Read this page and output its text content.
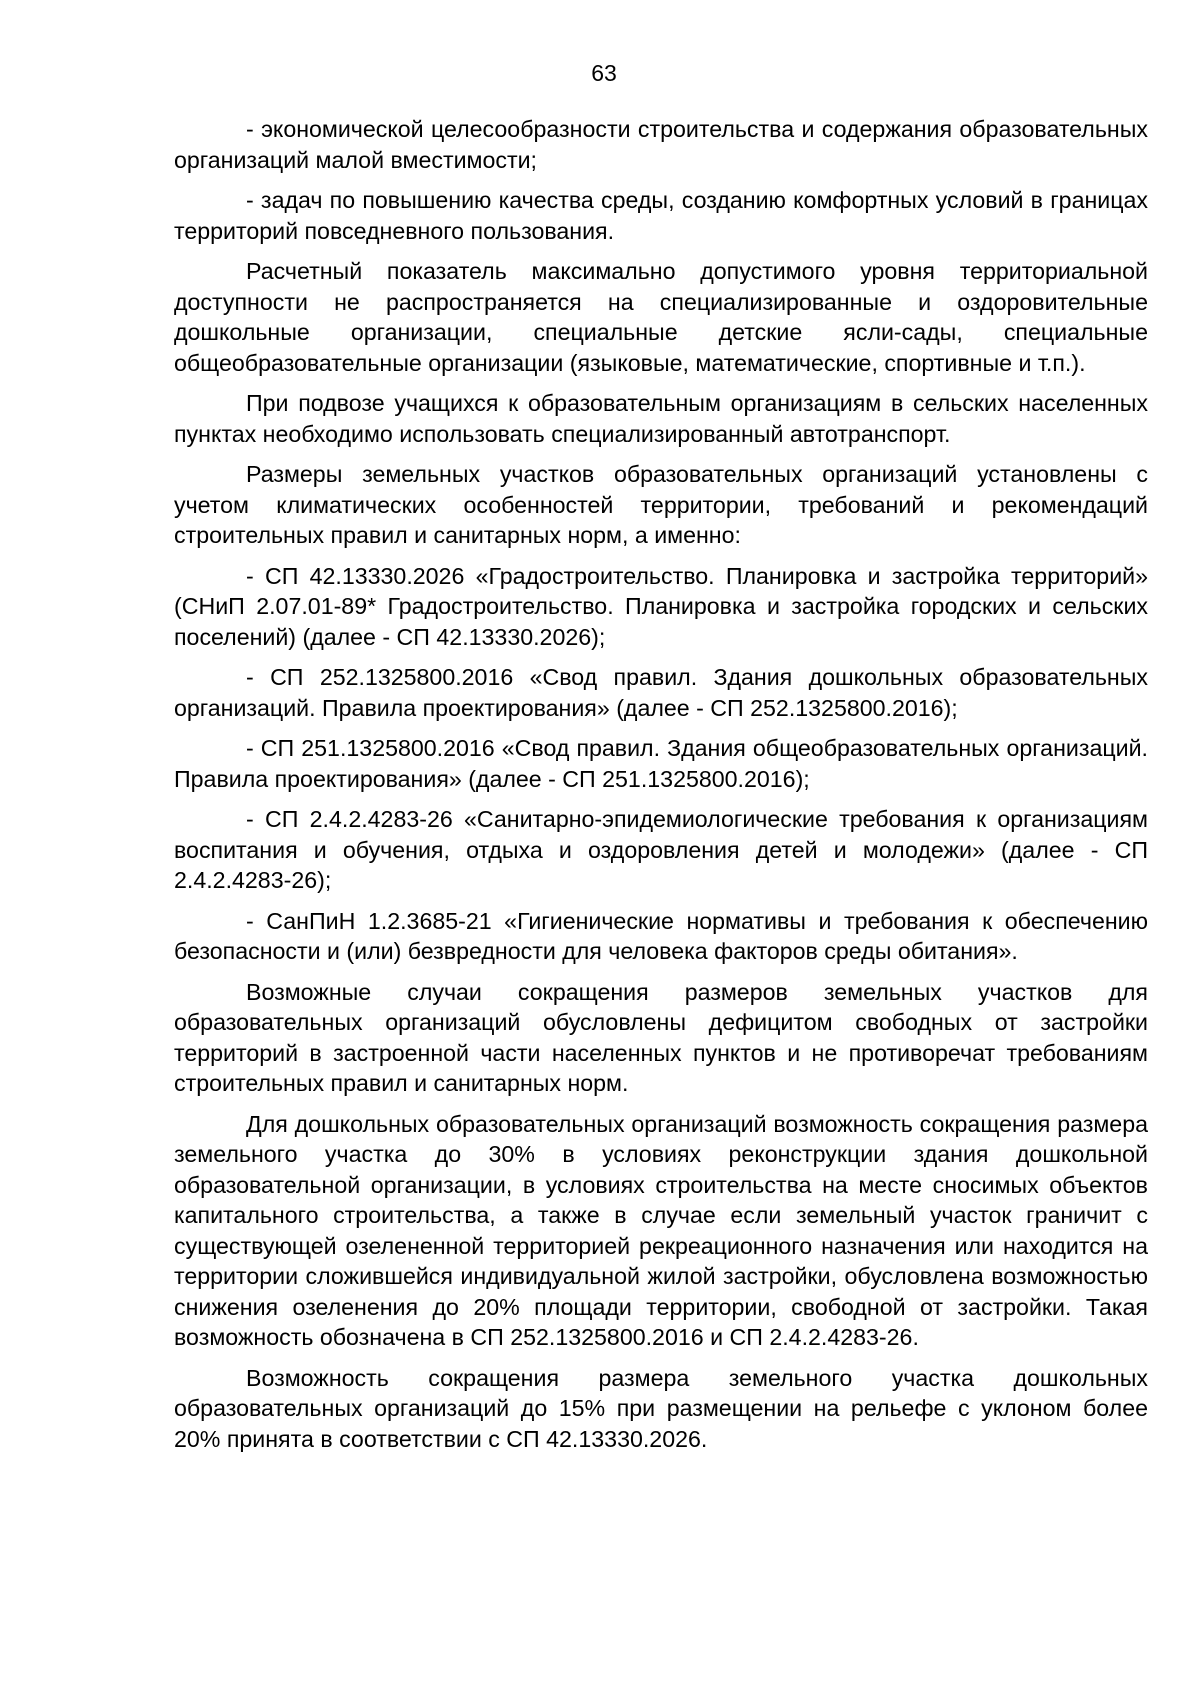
63

- экономической целесообразности строительства и содержания образовательных организаций малой вместимости;

- задач по повышению качества среды, созданию комфортных условий в границах территорий повседневного пользования.

Расчетный показатель максимально допустимого уровня территориальной доступности не распространяется на специализированные и оздоровительные дошкольные организации, специальные детские ясли-сады, специальные общеобразовательные организации (языковые, математические, спортивные и т.п.).

При подвозе учащихся к образовательным организациям в сельских населенных пунктах необходимо использовать специализированный автотранспорт.

Размеры земельных участков образовательных организаций установлены с учетом климатических особенностей территории, требований и рекомендаций строительных правил и санитарных норм, а именно:

- СП 42.13330.2026 «Градостроительство. Планировка и застройка территорий» (СНиП 2.07.01-89* Градостроительство. Планировка и застройка городских и сельских поселений) (далее - СП 42.13330.2026);

- СП 252.1325800.2016 «Свод правил. Здания дошкольных образовательных организаций. Правила проектирования» (далее - СП 252.1325800.2016);

- СП 251.1325800.2016 «Свод правил. Здания общеобразовательных организаций. Правила проектирования» (далее - СП 251.1325800.2016);

- СП 2.4.2.4283-26 «Санитарно-эпидемиологические требования к организациям воспитания и обучения, отдыха и оздоровления детей и молодежи» (далее - СП 2.4.2.4283-26);

- СанПиН 1.2.3685-21 «Гигиенические нормативы и требования к обеспечению безопасности и (или) безвредности для человека факторов среды обитания».

Возможные случаи сокращения размеров земельных участков для образовательных организаций обусловлены дефицитом свободных от застройки территорий в застроенной части населенных пунктов и не противоречат требованиям строительных правил и санитарных норм.

Для дошкольных образовательных организаций возможность сокращения размера земельного участка до 30% в условиях реконструкции здания дошкольной образовательной организации, в условиях строительства на месте сносимых объектов капитального строительства, а также в случае если земельный участок граничит с существующей озелененной территорией рекреационного назначения или находится на территории сложившейся индивидуальной жилой застройки, обусловлена возможностью снижения озеленения до 20% площади территории, свободной от застройки. Такая возможность обозначена в СП 252.1325800.2016 и СП 2.4.2.4283-26.

Возможность сокращения размера земельного участка дошкольных образовательных организаций до 15% при размещении на рельефе с уклоном более 20% принята в соответствии с СП 42.13330.2026.
